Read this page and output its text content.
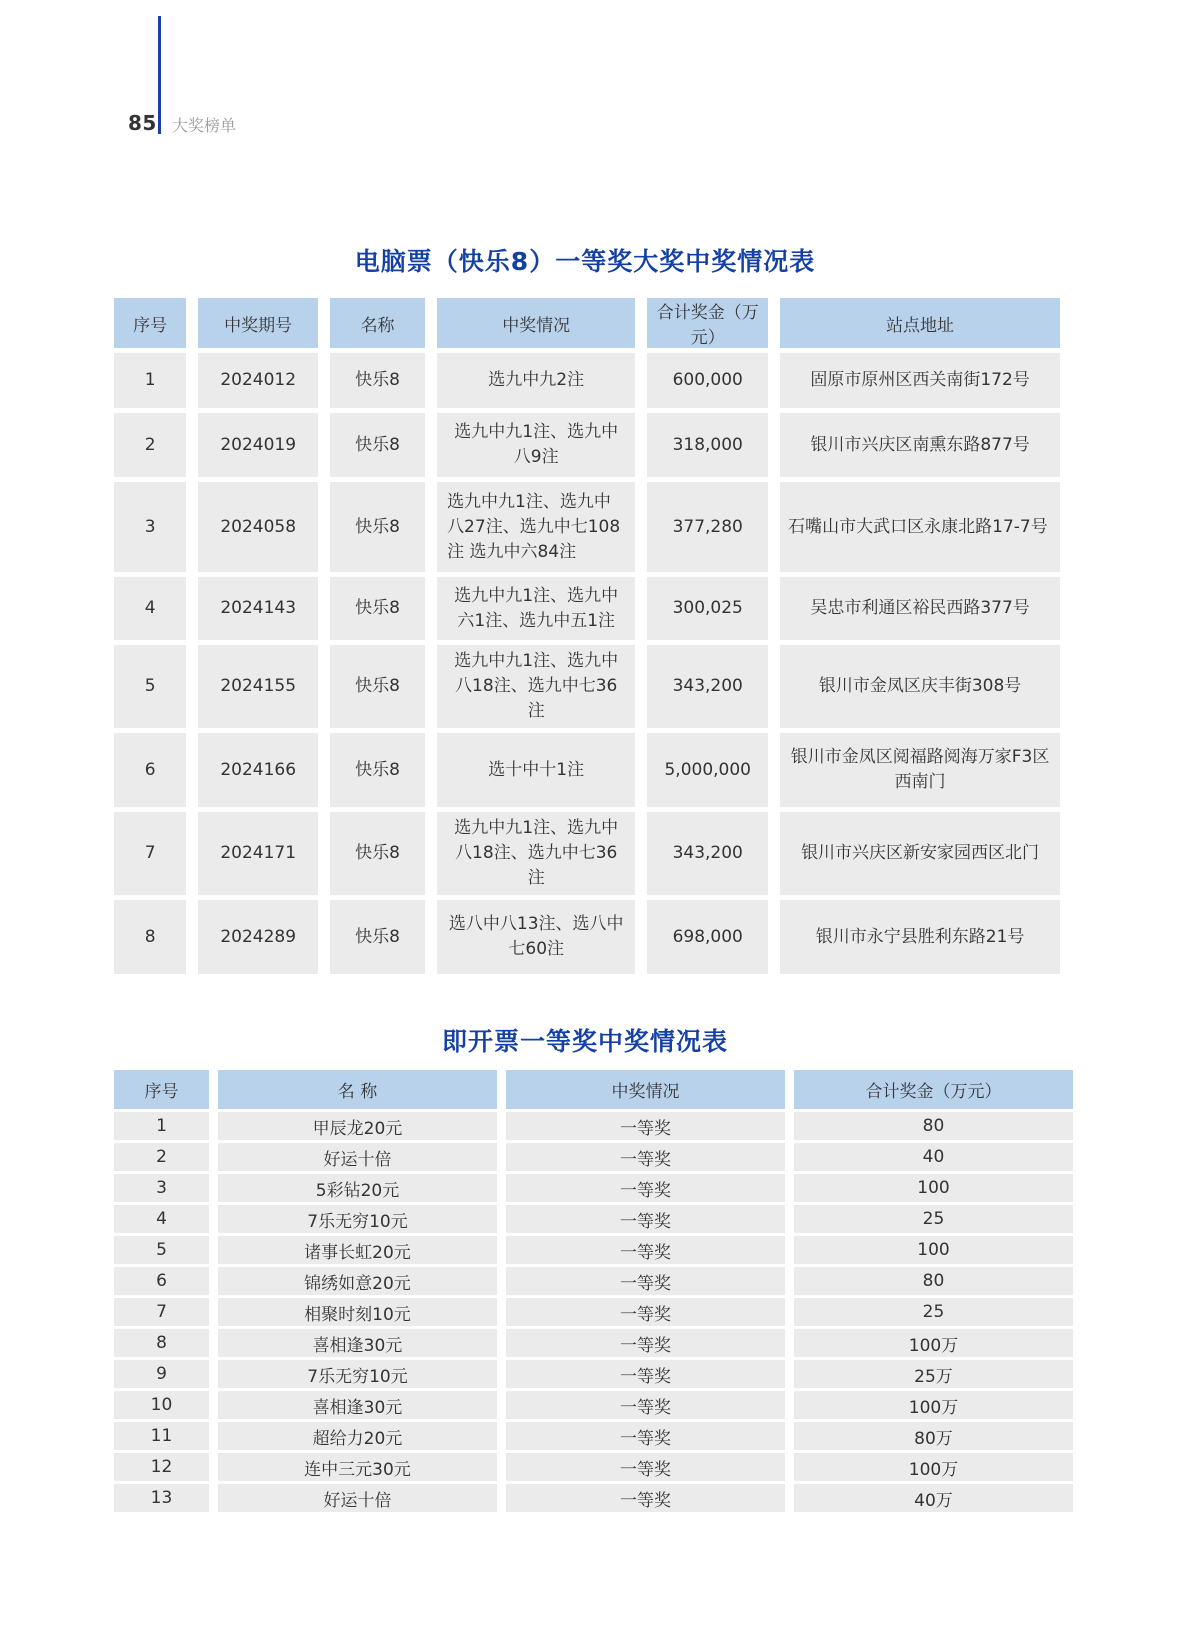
85 大奖榜单
电脑票（快乐8）一等奖大奖中奖情况表
序号	中奖期号	名称	中奖情况	合计奖金（万元）	站点地址
1	2024012	快乐8	选九中九2注	600,000	固原市原州区西关南街172号
2	2024019	快乐8	选九中九1注、选九中八9注	318,000	银川市兴庆区南熏东路877号
3	2024058	快乐8	选九中九1注、选九中八27注、选九中七108注 选九中六84注	377,280	石嘴山市大武口区永康北路17-7号
4	2024143	快乐8	选九中九1注、选九中六1注、选九中五1注	300,025	吴忠市利通区裕民西路377号
5	2024155	快乐8	选九中九1注、选九中八18注、选九中七36注	343,200	银川市金凤区庆丰街308号
6	2024166	快乐8	选十中十1注	5,000,000	银川市金凤区阅福路阅海万家F3区西南门
7	2024171	快乐8	选九中九1注、选九中八18注、选九中七36注	343,200	银川市兴庆区新安家园西区北门
8	2024289	快乐8	选八中八13注、选八中七60注	698,000	银川市永宁县胜利东路21号
即开票一等奖中奖情况表
序号	名 称	中奖情况	合计奖金（万元）
1	甲辰龙20元	一等奖	80
2	好运十倍	一等奖	40
3	5彩钻20元	一等奖	100
4	7乐无穷10元	一等奖	25
5	诸事长虹20元	一等奖	100
6	锦绣如意20元	一等奖	80
7	相聚时刻10元	一等奖	25
8	喜相逢30元	一等奖	100万
9	7乐无穷10元	一等奖	25万
10	喜相逢30元	一等奖	100万
11	超给力20元	一等奖	80万
12	连中三元30元	一等奖	100万
13	好运十倍	一等奖	40万
